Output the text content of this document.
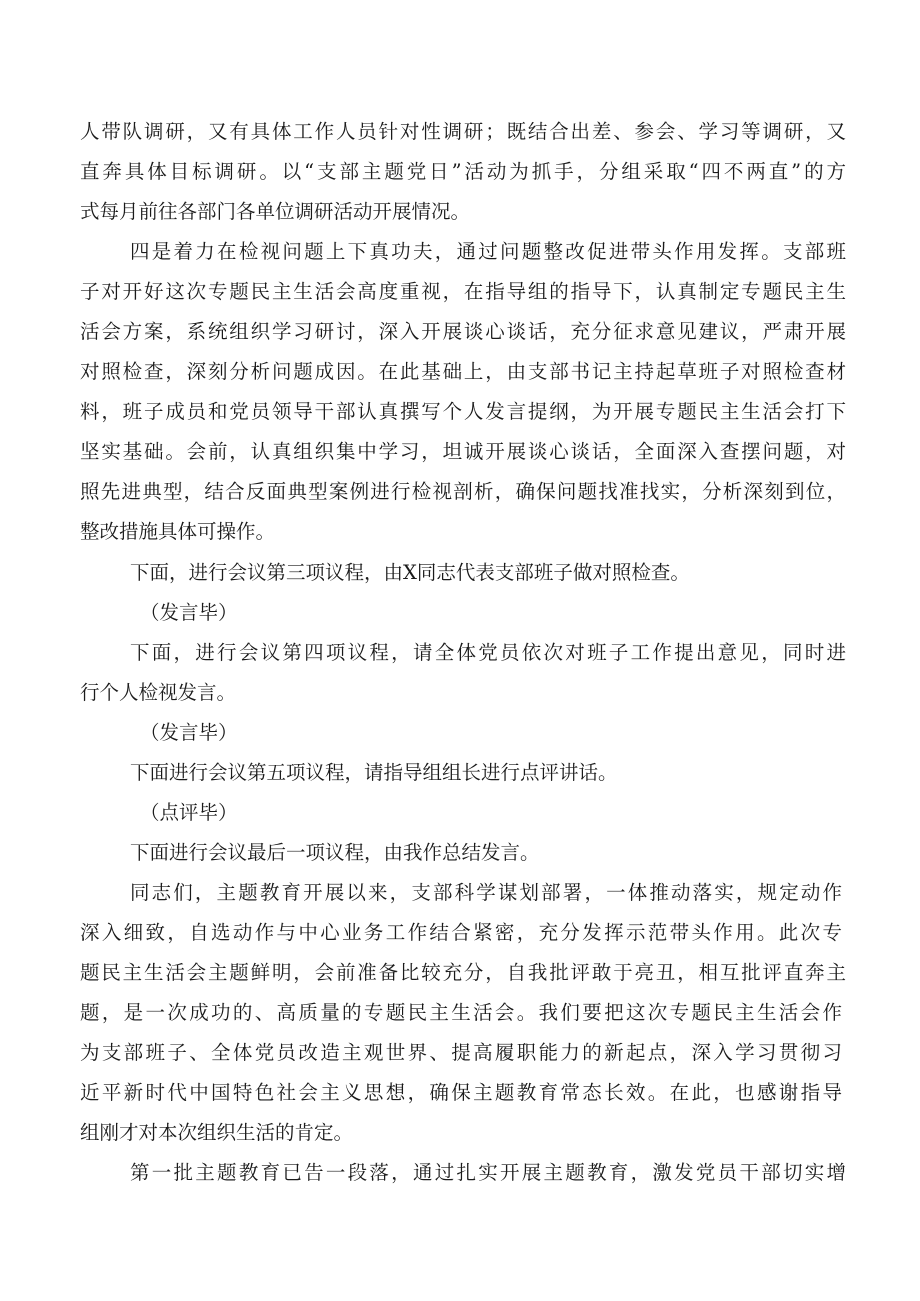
人带队调研，又有具体工作人员针对性调研；既结合出差、参会、学习等调研，又
直奔具体目标调研。以“支部主题党日”活动为抓手，分组采取“四不两直”的方
式每月前往各部门各单位调研活动开展情况。
四是着力在检视问题上下真功夫，通过问题整改促进带头作用发挥。支部班
子对开好这次专题民主生活会高度重视，在指导组的指导下，认真制定专题民主生
活会方案，系统组织学习研讨，深入开展谈心谈话，充分征求意见建议，严肃开展
对照检查，深刻分析问题成因。在此基础上，由支部书记主持起草班子对照检查材
料，班子成员和党员领导干部认真撰写个人发言提纲，为开展专题民主生活会打下
坚实基础。会前，认真组织集中学习，坦诚开展谈心谈话，全面深入查摆问题，对
照先进典型，结合反面典型案例进行检视剖析，确保问题找准找实，分析深刻到位，
整改措施具体可操作。
下面，进行会议第三项议程，由X同志代表支部班子做对照检查。
（发言毕）
下面，进行会议第四项议程，请全体党员依次对班子工作提出意见，同时进
行个人检视发言。
（发言毕）
下面进行会议第五项议程，请指导组组长进行点评讲话。
（点评毕）
下面进行会议最后一项议程，由我作总结发言。
同志们，主题教育开展以来，支部科学谋划部署，一体推动落实，规定动作
深入细致，自选动作与中心业务工作结合紧密，充分发挥示范带头作用。此次专
题民主生活会主题鲜明，会前准备比较充分，自我批评敢于亮丑，相互批评直奔主
题，是一次成功的、高质量的专题民主生活会。我们要把这次专题民主生活会作
为支部班子、全体党员改造主观世界、提高履职能力的新起点，深入学习贯彻习
近平新时代中国特色社会主义思想，确保主题教育常态长效。在此，也感谢指导
组刚才对本次组织生活的肯定。
第一批主题教育已告一段落，通过扎实开展主题教育，激发党员干部切实增
